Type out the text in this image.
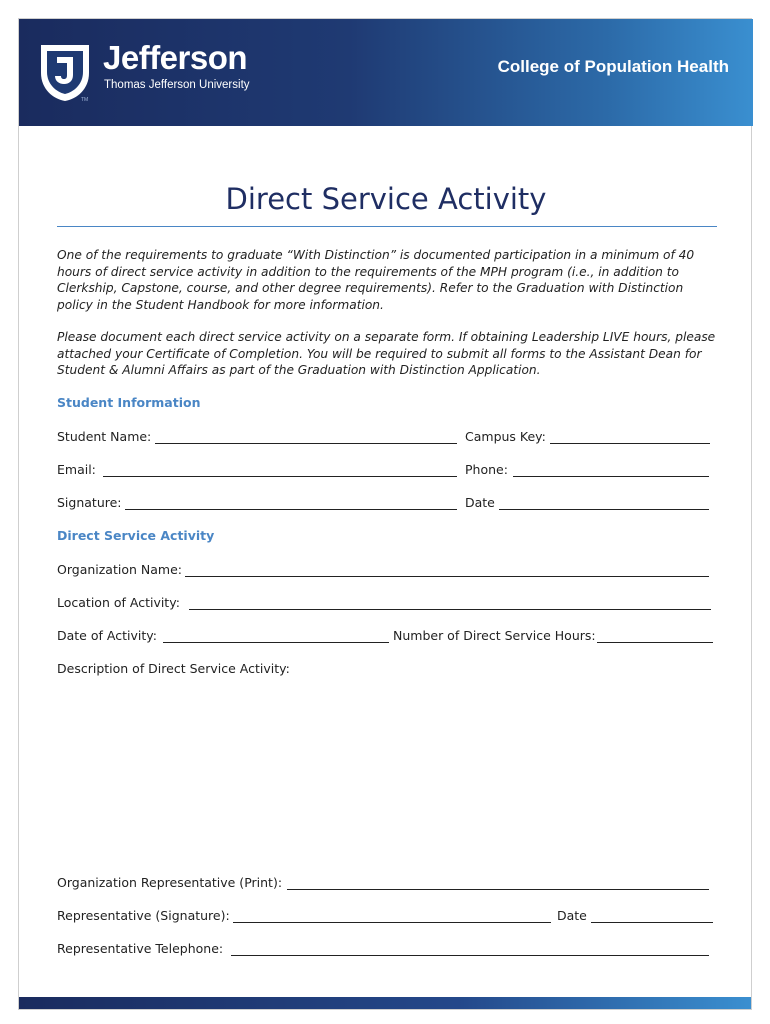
Jefferson
Thomas Jefferson University
TM
College of Population Health
Direct Service Activity
One of the requirements to graduate “With Distinction” is documented participation in a minimum of 40 hours of direct service activity in addition to the requirements of the MPH program (i.e., in addition to Clerkship, Capstone, course, and other degree requirements). Refer to the Graduation with Distinction policy in the Student Handbook for more information.
Please document each direct service activity on a separate form. If obtaining Leadership LIVE hours, please attached your Certificate of Completion. You will be required to submit all forms to the Assistant Dean for Student & Alumni Affairs as part of the Graduation with Distinction Application.
Student Information
Student Name:	Campus Key:
Email:	Phone:
Signature:	Date
Direct Service Activity
Organization Name:
Location of Activity:
Date of Activity:	Number of Direct Service Hours:
Description of Direct Service Activity:
Organization Representative (Print):
Representative (Signature):	Date
Representative Telephone:
